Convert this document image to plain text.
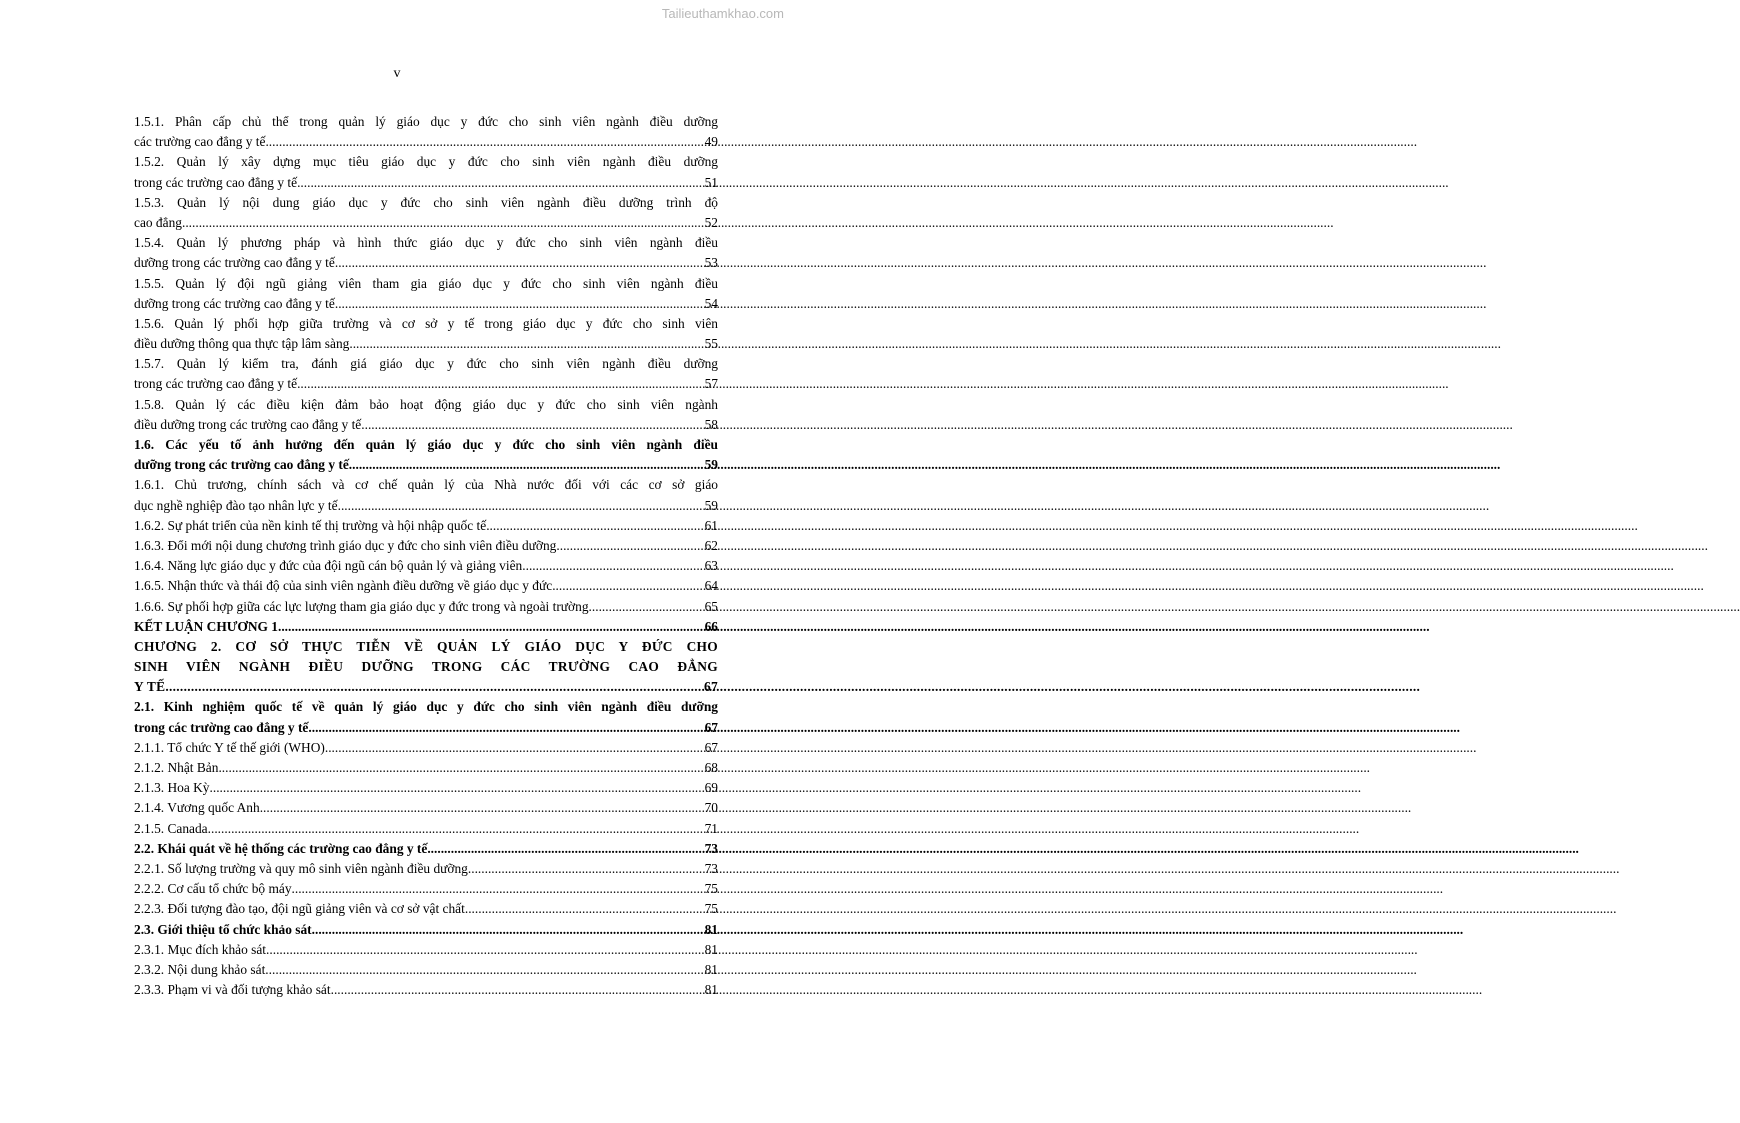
Tailieuthamkhao.com
v
1.5.1. Phân cấp chủ thể trong quản lý giáo dục y đức cho sinh viên ngành điều dưỡng
các trường cao đẳng y tế .....	49
1.5.2. Quản lý xây dựng mục tiêu giáo dục y đức cho sinh viên ngành điều dưỡng
trong các trường cao đẳng y tế .....	51
1.5.3. Quản lý nội dung giáo dục y đức cho sinh viên ngành điều dưỡng trình độ
cao đẳng .....	52
1.5.4. Quản lý phương pháp và hình thức giáo dục y đức cho sinh viên ngành điều
dưỡng trong các trường cao đẳng y tế .....	53
1.5.5. Quản lý đội ngũ giảng viên tham gia giáo dục y đức cho sinh viên ngành điều
dưỡng trong các trường cao đẳng y tế .....	54
1.5.6. Quản lý phối hợp giữa trường và cơ sở y tế trong giáo dục y đức cho sinh viên
điều dưỡng thông qua thực tập lâm sàng .....	55
1.5.7. Quản lý kiểm tra, đánh giá giáo dục y đức cho sinh viên ngành điều dưỡng
trong các trường cao đẳng y tế .....	57
1.5.8. Quản lý các điều kiện đảm bảo hoạt động giáo dục y đức cho sinh viên ngành
điều dưỡng trong các trường cao đẳng y tế .....	58
1.6. Các yếu tố ảnh hưởng đến quản lý giáo dục y đức cho sinh viên ngành điều
dưỡng trong các trường cao đẳng y tế .....	59
1.6.1. Chủ trương, chính sách và cơ chế quản lý của Nhà nước đối với các cơ sở giáo
dục nghề nghiệp đào tạo nhân lực y tế .....	59
1.6.2. Sự phát triển của nền kinh tế thị trường và hội nhập quốc tế .....	61
1.6.3. Đổi mới nội dung chương trình giáo dục y đức cho sinh viên điều dưỡng .....	62
1.6.4. Năng lực giáo dục y đức của đội ngũ cán bộ quản lý và giảng viên .....	63
1.6.5. Nhận thức và thái độ của sinh viên ngành điều dưỡng về giáo dục y đức .....	64
1.6.6. Sự phối hợp giữa các lực lượng tham gia giáo dục y đức trong và ngoài trường .....	65
KẾT LUẬN CHƯƠNG 1 .....	66
CHƯƠNG 2. CƠ SỞ THỰC TIỄN VỀ QUẢN LÝ GIÁO DỤC Y ĐỨC CHO
SINH VIÊN NGÀNH ĐIỀU DƯỠNG TRONG CÁC TRƯỜNG CAO ĐẲNG
Y TẾ .....	67
2.1. Kinh nghiệm quốc tế về quản lý giáo dục y đức cho sinh viên ngành điều dưỡng
trong các trường cao đẳng y tế .....	67
2.1.1. Tổ chức Y tế thế giới (WHO) .....	67
2.1.2. Nhật Bản .....	68
2.1.3. Hoa Kỳ .....	69
2.1.4. Vương quốc Anh .....	70
2.1.5. Canada .....	71
2.2. Khái quát về hệ thống các trường cao đẳng y tế .....	73
2.2.1. Số lượng trường và quy mô sinh viên ngành điều dưỡng .....	73
2.2.2. Cơ cấu tổ chức bộ máy .....	75
2.2.3. Đối tượng đào tạo, đội ngũ giảng viên và cơ sở vật chất .....	75
2.3. Giới thiệu tổ chức khảo sát .....	81
2.3.1. Mục đích khảo sát .....	81
2.3.2. Nội dung khảo sát .....	81
2.3.3. Phạm vi và đối tượng khảo sát .....	81
